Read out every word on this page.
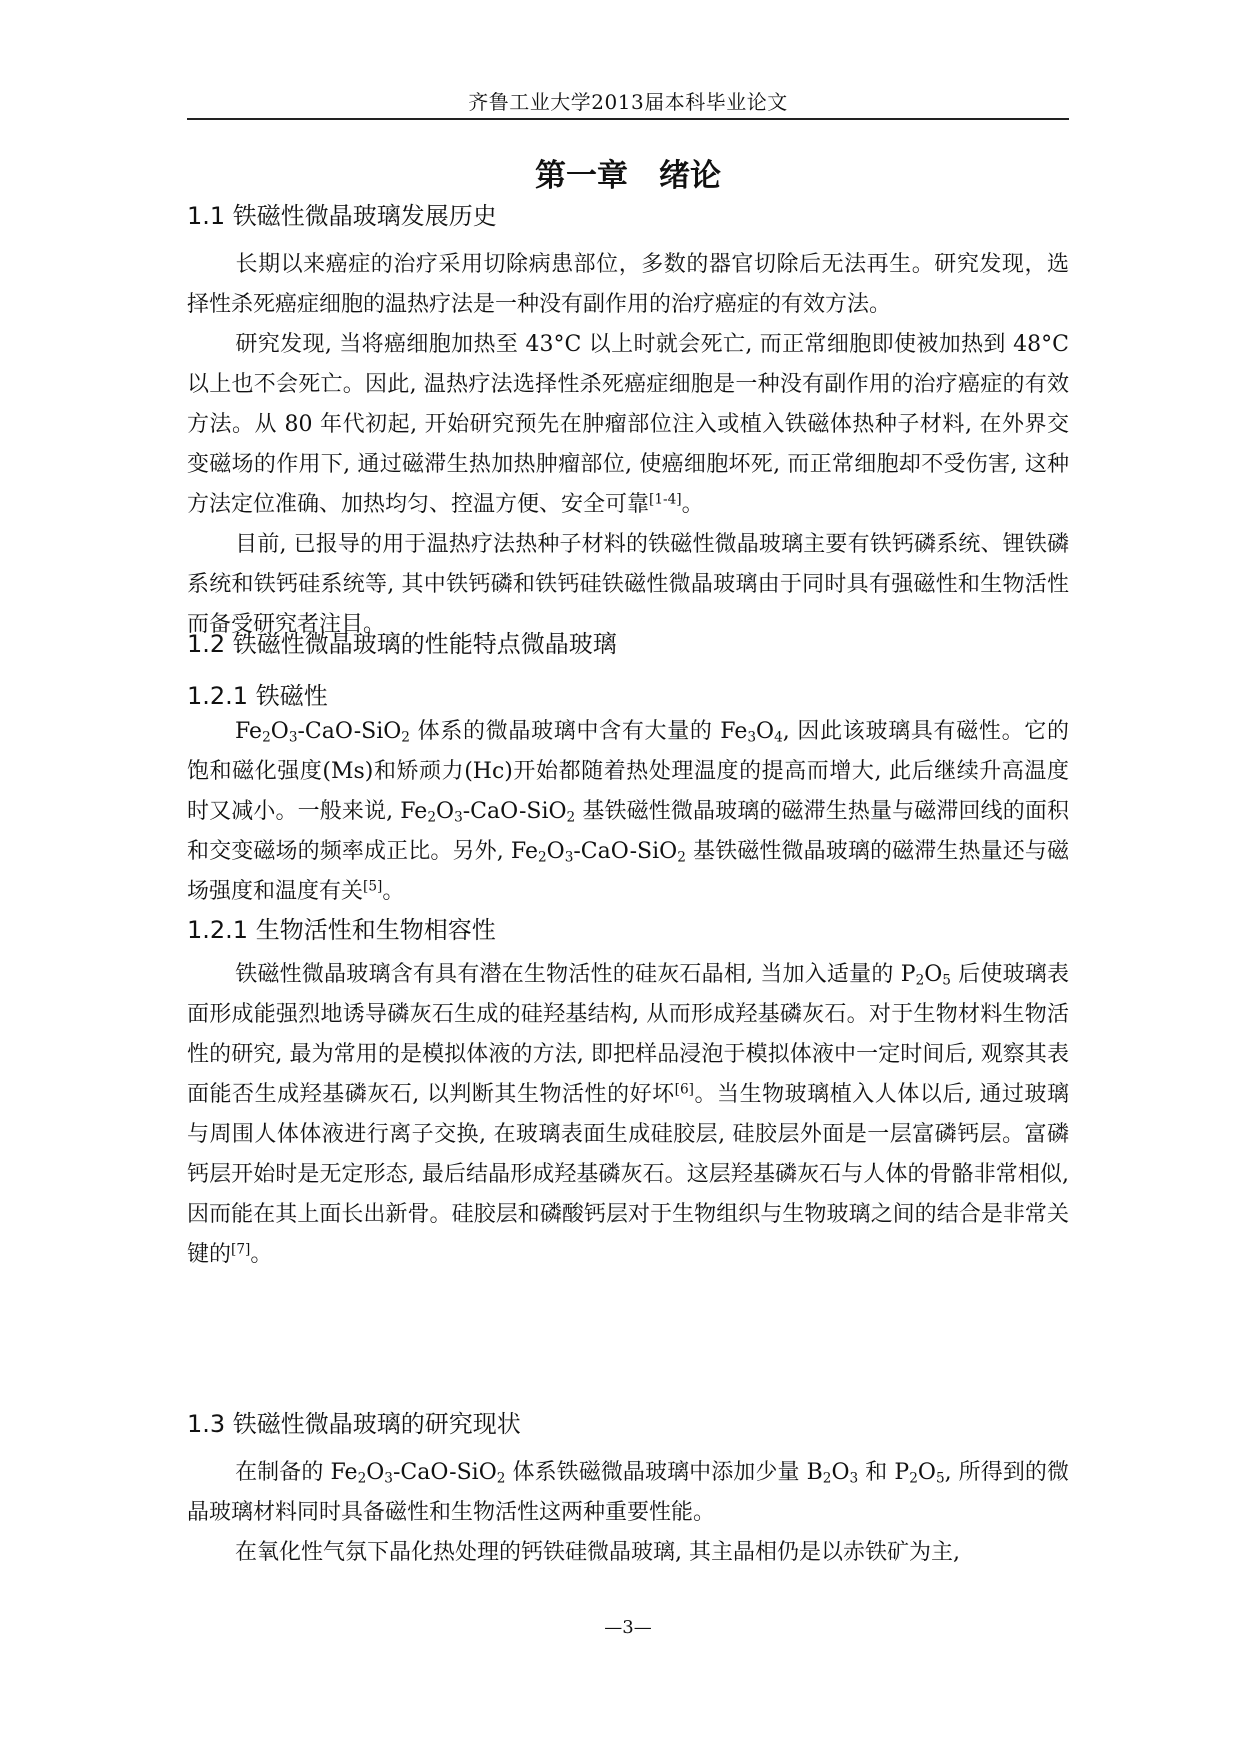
齐鲁工业大学2013届本科毕业论文
第一章　绪论
1.1 铁磁性微晶玻璃发展历史

长期以来癌症的治疗采用切除病患部位，多数的器官切除后无法再生。研究发现，选择性杀死癌症细胞的温热疗法是一种没有副作用的治疗癌症的有效方法。

研究发现, 当将癌细胞加热至 43°C 以上时就会死亡, 而正常细胞即使被加热到 48°C 以上也不会死亡。因此, 温热疗法选择性杀死癌症细胞是一种没有副作用的治疗癌症的有效方法。从 80 年代初起, 开始研究预先在肿瘤部位注入或植入铁磁体热种子材料, 在外界交变磁场的作用下, 通过磁滞生热加热肿瘤部位, 使癌细胞坏死, 而正常细胞却不受伤害, 这种方法定位准确、加热均匀、控温方便、安全可靠[1-4]。

目前, 已报导的用于温热疗法热种子材料的铁磁性微晶玻璃主要有铁钙磷系统、锂铁磷系统和铁钙硅系统等, 其中铁钙磷和铁钙硅铁磁性微晶玻璃由于同时具有强磁性和生物活性而备受研究者注目。

1.2 铁磁性微晶玻璃的性能特点微晶玻璃
1.2.1 铁磁性

$Fe_2O_3-CaO-SiO_2$ 体系的微晶玻璃中含有大量的 $Fe_3O_4$, 因此该玻璃具有磁性。它的饱和磁化强度(Ms)和矫顽力(Hc)开始都随着热处理温度的提高而增大, 此后继续升高温度时又减小。一般来说, $Fe_2O_3-CaO-SiO_2$ 基铁磁性微晶玻璃的磁滞生热量与磁滞回线的面积和交变磁场的频率成正比。另外, $Fe_2O_3-CaO-SiO_2$ 基铁磁性微晶玻璃的磁滞生热量还与磁场强度和温度有关[5]。

1.2.1 生物活性和生物相容性

铁磁性微晶玻璃含有具有潜在生物活性的硅灰石晶相, 当加入适量的 $P_2O_5$ 后使玻璃表面形成能强烈地诱导磷灰石生成的硅羟基结构, 从而形成羟基磷灰石。对于生物材料生物活性的研究, 最为常用的是模拟体液的方法, 即把样品浸泡于模拟体液中一定时间后, 观察其表面能否生成羟基磷灰石, 以判断其生物活性的好坏[6]。当生物玻璃植入人体以后, 通过玻璃与周围人体体液进行离子交换, 在玻璃表面生成硅胶层, 硅胶层外面是一层富磷钙层。富磷钙层开始时是无定形态, 最后结晶形成羟基磷灰石。这层羟基磷灰石与人体的骨骼非常相似, 因而能在其上面长出新骨。硅胶层和磷酸钙层对于生物组织与生物玻璃之间的结合是非常关键的[7]。

1.3 铁磁性微晶玻璃的研究现状

在制备的 $Fe_2O_3-CaO-SiO_2$ 体系铁磁微晶玻璃中添加少量 $B_2O_3$ 和 $P_2O_5$, 所得到的微晶玻璃材料同时具备磁性和生物活性这两种重要性能。

在氧化性气氛下晶化热处理的钙铁硅微晶玻璃, 其主晶相仍是以赤铁矿为主,

—3—
